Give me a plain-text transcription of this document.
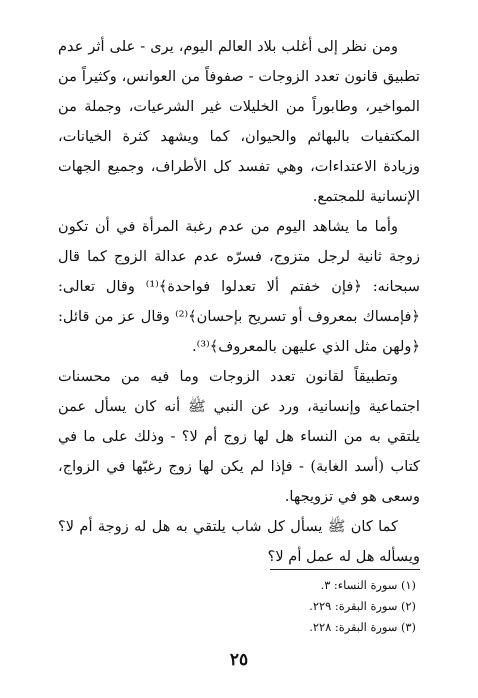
ومن نظر إلى أغلب بلاد العالم اليوم، يرى - على أثر عدم تطبيق قانون تعدد الزوجات - صفوفاً من العوانس، وكثيراً من المواخير، وطابوراً من الخليلات غير الشرعيات، وجملة من المكتفيات بالبهائم والحيوان، كما ويشهد كثرة الخيانات، وزيادة الاعتداءات، وهي تفسد كل الأطراف، وجميع الجهات الإنسانية للمجتمع.

وأما ما يشاهد اليوم من عدم رغبة المرأة في أن تكون زوجة ثانية لرجل متزوج، فسرّه عدم عدالة الزوج كما قال سبحانه: ﴿فإن خفتم ألا تعدلوا فواحدة﴾⁽¹⁾ وقال تعالى: ﴿فإمساك بمعروف أو تسريح بإحسان﴾⁽²⁾ وقال عز من قائل: ﴿ولهن مثل الذي عليهن بالمعروف﴾⁽³⁾.

وتطبيقاً لقانون تعدد الزوجات وما فيه من محسنات اجتماعية وإنسانية، ورد عن النبي ﷺ أنه كان يسأل عمن يلتقي به من النساء هل لها زوج أم لا؟ - وذلك على ما في كتاب (أسد الغابة) - فإذا لم يكن لها زوج رغبّها في الزواج، وسعى هو في تزويجها.

كما كان ﷺ يسأل كل شاب يلتقي به هل له زوجة أم لا؟ ويسأله هل له عمل أم لا؟

(١) سورة النساء: ٣.

(٢) سورة البقرة: ٢٢٩.

(٣) سورة البقرة: ٢٢٨.

٢٥
